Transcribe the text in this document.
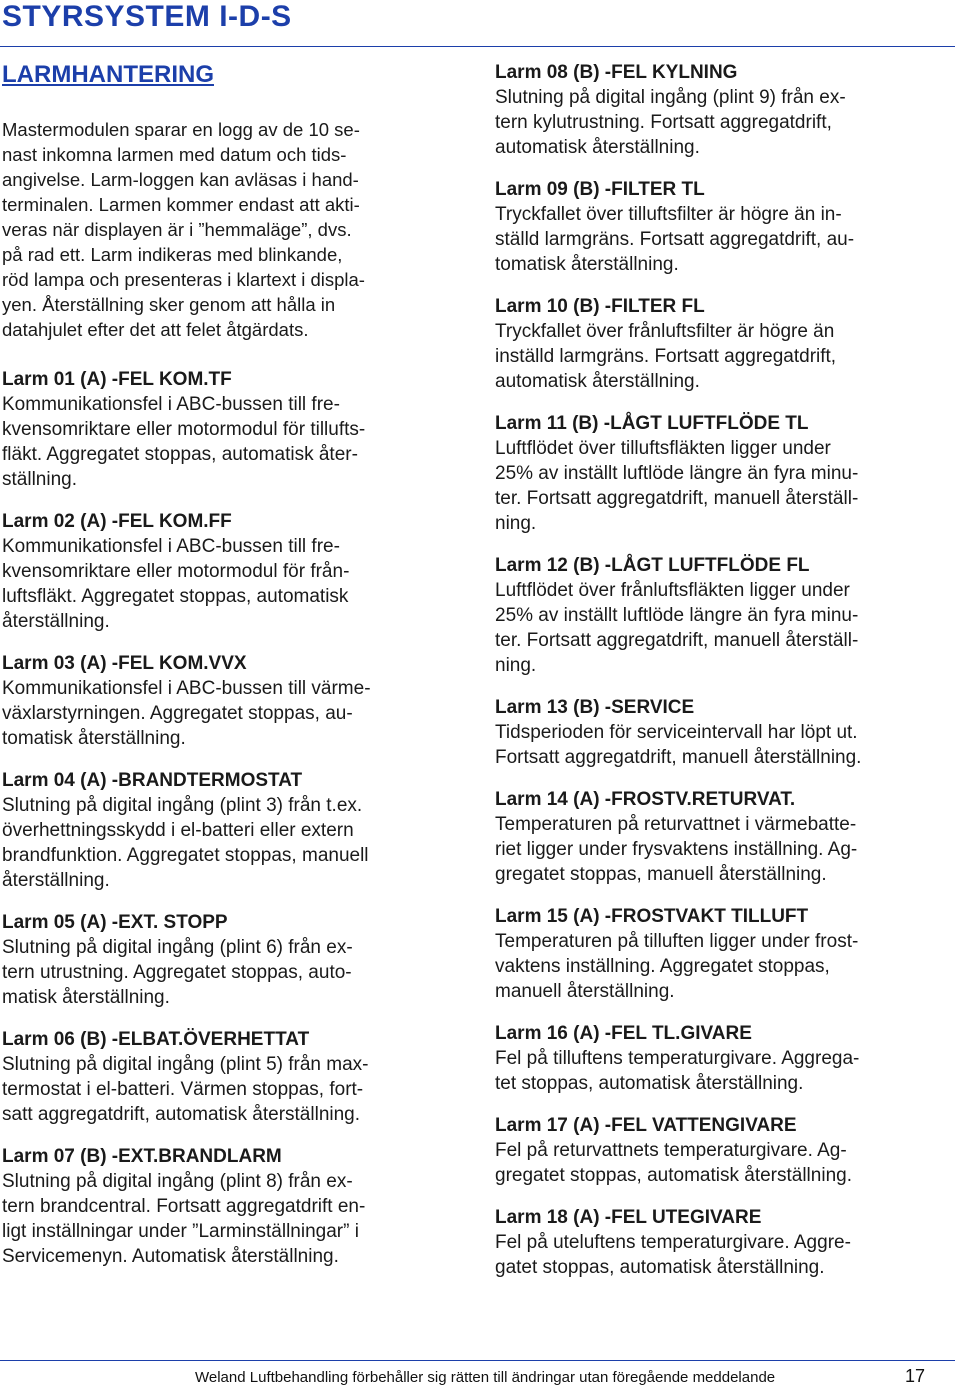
STYRSYSTEM I-D-S
LARMHANTERING
Mastermodulen sparar en logg av de 10 se-
nast inkomna larmen med datum och tids-
angivelse. Larm-loggen kan avläsas i hand-
terminalen. Larmen kommer endast att akti-
veras när displayen är i ”hemmaläge”, dvs.
på rad ett. Larm indikeras med blinkande,
röd lampa och presenteras i klartext i displa-
yen. Återställning sker genom att hålla in
datahjulet efter det att felet åtgärdats.
Larm 01 (A) -FEL KOM.TF
Kommunikationsfel i ABC-bussen till fre-
kvensomriktare eller motormodul för tillufts-
fläkt. Aggregatet stoppas, automatisk åter-
ställning.
Larm 02 (A) -FEL KOM.FF
Kommunikationsfel i ABC-bussen till fre-
kvensomriktare eller motormodul för från-
luftsfläkt. Aggregatet stoppas, automatisk
återställning.
Larm 03 (A) -FEL KOM.VVX
Kommunikationsfel i ABC-bussen till värme-
växlarstyrningen. Aggregatet stoppas, au-
tomatisk återställning.
Larm 04 (A) -BRANDTERMOSTAT
Slutning på digital ingång (plint 3) från t.ex.
överhettningsskydd i el-batteri eller extern
brandfunktion. Aggregatet stoppas, manuell
återställning.
Larm 05 (A) -EXT. STOPP
Slutning på digital ingång (plint 6) från ex-
tern utrustning. Aggregatet stoppas, auto-
matisk återställning.
Larm 06 (B) -ELBAT.ÖVERHETTAT
Slutning på digital ingång (plint 5) från max-
termostat i el-batteri. Värmen stoppas, fort-
satt aggregatdrift, automatisk återställning.
Larm 07 (B) -EXT.BRANDLARM
Slutning på digital ingång (plint 8) från ex-
tern brandcentral. Fortsatt aggregatdrift en-
ligt inställningar under ”Larminställningar” i
Servicemenyn. Automatisk återställning.
Larm 08 (B) -FEL KYLNING
Slutning på digital ingång (plint 9) från ex-
tern kylutrustning. Fortsatt aggregatdrift,
automatisk återställning.
Larm 09 (B) -FILTER TL
Tryckfallet över tilluftsfilter är högre än in-
ställd larmgräns. Fortsatt aggregatdrift, au-
tomatisk återställning.
Larm 10 (B) -FILTER FL
Tryckfallet över frånluftsfilter är högre än
inställd larmgräns. Fortsatt aggregatdrift,
automatisk återställning.
Larm 11 (B) -LÅGT LUFTFLÖDE TL
Luftflödet över tilluftsfläkten ligger under
25% av inställt luftlöde längre än fyra minu-
ter. Fortsatt aggregatdrift, manuell återställ-
ning.
Larm 12 (B) -LÅGT LUFTFLÖDE FL
Luftflödet över frånluftsfläkten ligger under
25% av inställt luftlöde längre än fyra minu-
ter. Fortsatt aggregatdrift, manuell återställ-
ning.
Larm 13 (B) -SERVICE
Tidsperioden för serviceintervall har löpt ut.
Fortsatt aggregatdrift, manuell återställning.
Larm 14 (A) -FROSTV.RETURVAT.
Temperaturen på returvattnet i värmebatte-
riet ligger under frysvaktens inställning. Ag-
gregatet stoppas, manuell återställning.
Larm 15 (A) -FROSTVAKT TILLUFT
Temperaturen på tilluften ligger under frost-
vaktens inställning. Aggregatet stoppas,
manuell återställning.
Larm 16 (A) -FEL TL.GIVARE
Fel på tilluftens temperaturgivare. Aggrega-
tet stoppas, automatisk återställning.
Larm 17 (A) -FEL VATTENGIVARE
Fel på returvattnets temperaturgivare. Ag-
gregatet stoppas, automatisk återställning.
Larm 18 (A) -FEL UTEGIVARE
Fel på uteluftens temperaturgivare. Aggre-
gatet stoppas, automatisk återställning.
Weland Luftbehandling förbehåller sig rätten till ändringar utan föregående meddelande	17
